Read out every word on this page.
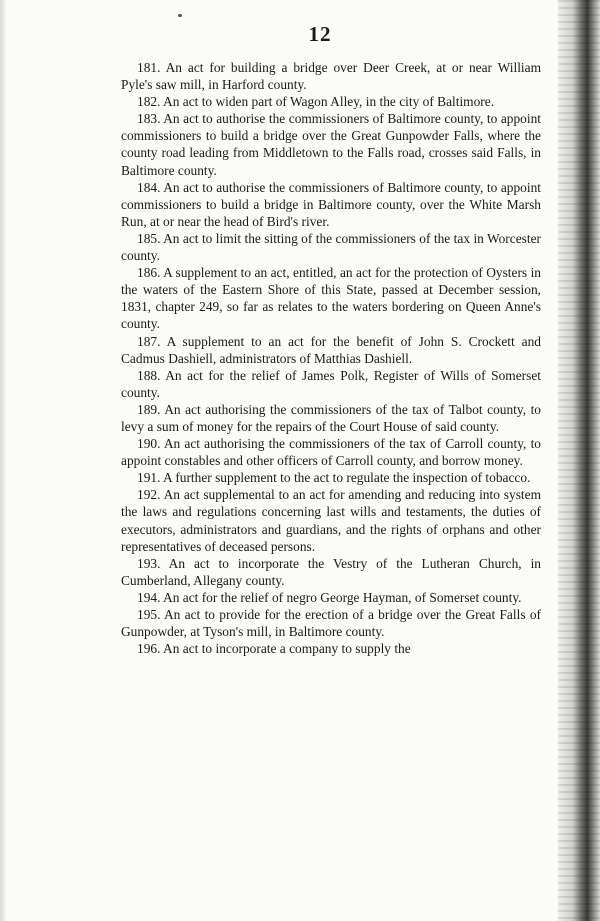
12

181. An act for building a bridge over Deer Creek, at or near William Pyle's saw mill, in Harford county.

182. An act to widen part of Wagon Alley, in the city of Baltimore.

183. An act to authorise the commissioners of Baltimore county, to appoint commissioners to build a bridge over the Great Gunpowder Falls, where the county road leading from Middletown to the Falls road, crosses said Falls, in Baltimore county.

184. An act to authorise the commissioners of Baltimore county, to appoint commissioners to build a bridge in Baltimore county, over the White Marsh Run, at or near the head of Bird's river.

185. An act to limit the sitting of the commissioners of the tax in Worcester county.

186. A supplement to an act, entitled, an act for the protection of Oysters in the waters of the Eastern Shore of this State, passed at December session, 1831, chapter 249, so far as relates to the waters bordering on Queen Anne's county.

187. A supplement to an act for the benefit of John S. Crockett and Cadmus Dashiell, administrators of Matthias Dashiell.

188. An act for the relief of James Polk, Register of Wills of Somerset county.

189. An act authorising the commissioners of the tax of Talbot county, to levy a sum of money for the repairs of the Court House of said county.

190. An act authorising the commissioners of the tax of Carroll county, to appoint constables and other officers of Carroll county, and borrow money.

191. A further supplement to the act to regulate the inspection of tobacco.

192. An act supplemental to an act for amending and reducing into system the laws and regulations concerning last wills and testaments, the duties of executors, administrators and guardians, and the rights of orphans and other representatives of deceased persons.

193. An act to incorporate the Vestry of the Lutheran Church, in Cumberland, Allegany county.

194. An act for the relief of negro George Hayman, of Somerset county.

195. An act to provide for the erection of a bridge over the Great Falls of Gunpowder, at Tyson's mill, in Baltimore county.

196. An act to incorporate a company to supply the
